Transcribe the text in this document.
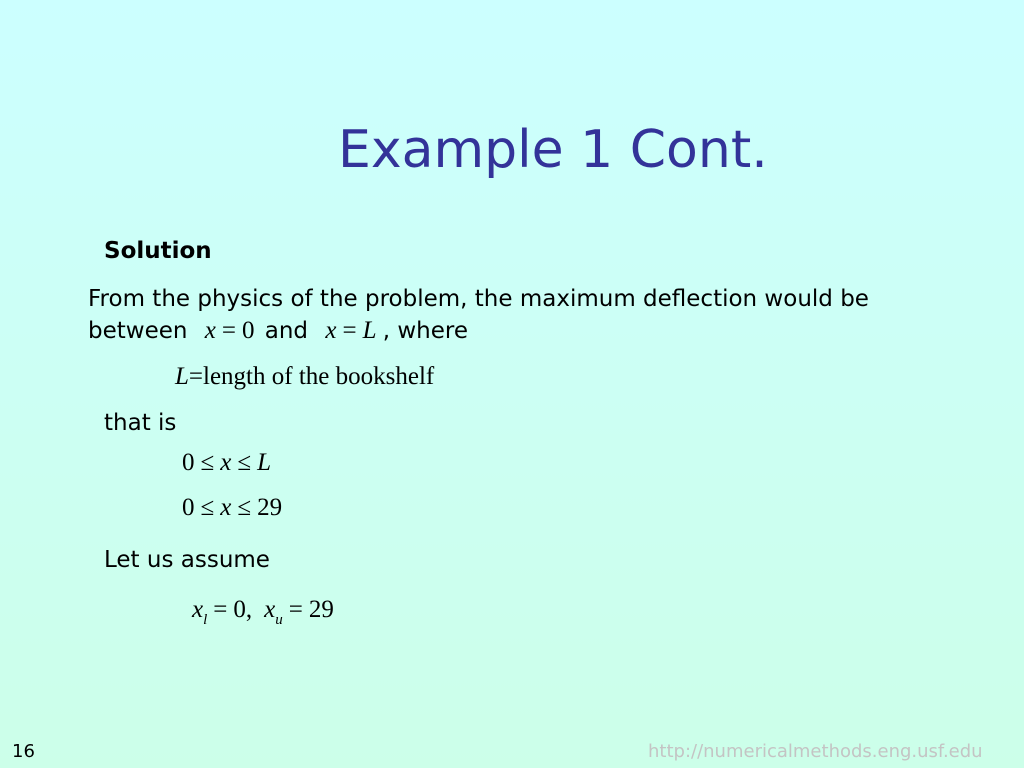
Example 1 Cont.
Solution
From the physics of the problem, the maximum deflection would be
between x = 0 and x = L , where
L=length of the bookshelf
that is
0 ≤ x ≤ L
0 ≤ x ≤ 29
Let us assume
$x_l = 0$, $x_u = 29$
16	http://numericalmethods.eng.usf.edu
